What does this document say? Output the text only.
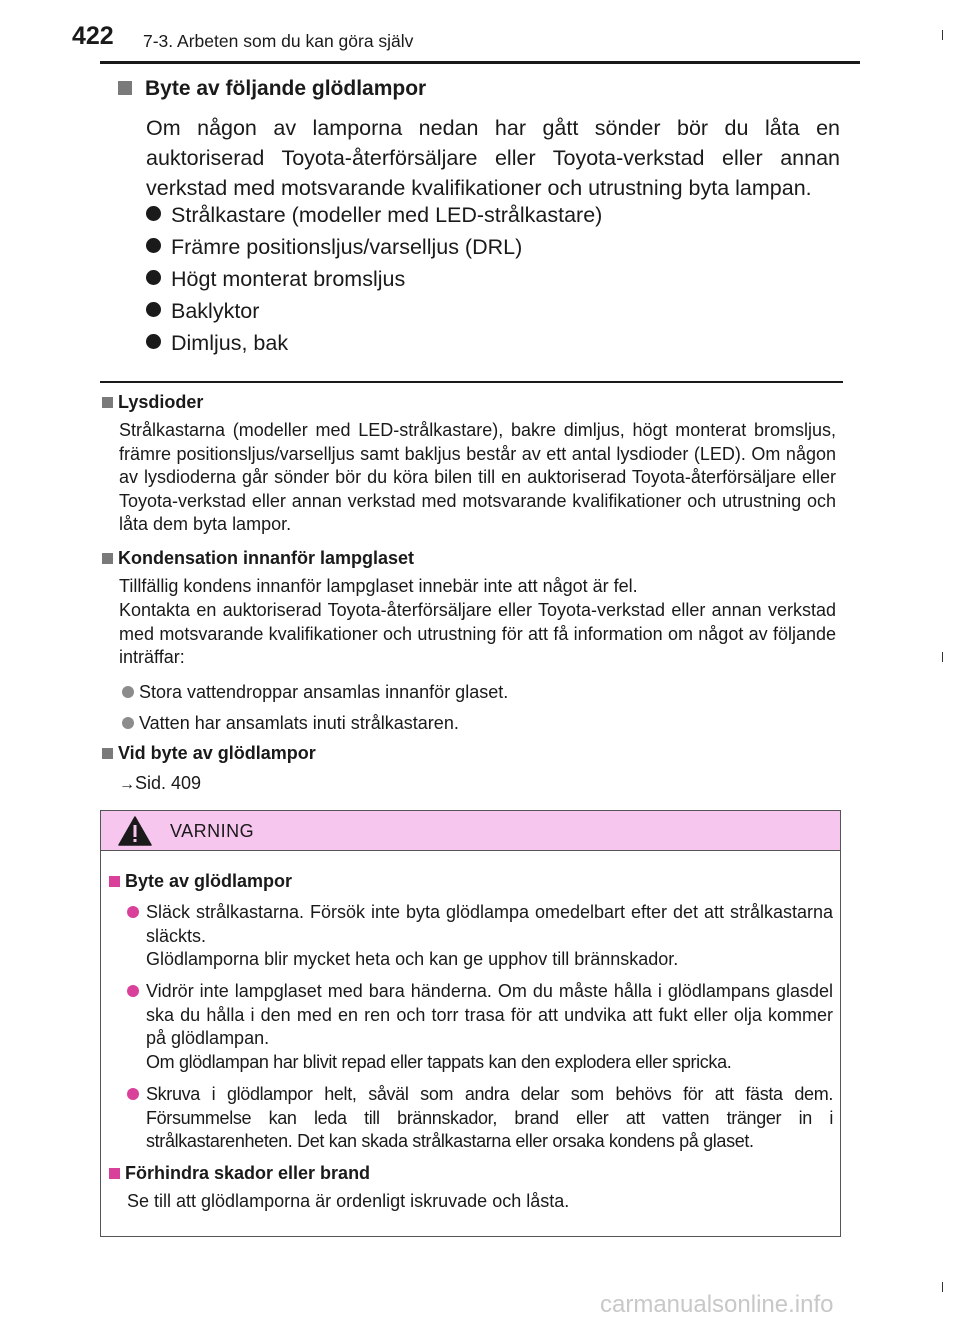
422 7-3. Arbeten som du kan göra själv
Byte av följande glödlampor
Om någon av lamporna nedan har gått sönder bör du låta en auktoriserad Toyota-återförsäljare eller Toyota-verkstad eller annan verkstad med motsvarande kvalifikationer och utrustning byta lampan.
Strålkastare (modeller med LED-strålkastare)
Främre positionsljus/varselljus (DRL)
Högt monterat bromsljus
Baklyktor
Dimljus, bak
Lysdioder
Strålkastarna (modeller med LED-strålkastare), bakre dimljus, högt monterat bromsljus, främre positionsljus/varselljus samt bakljus består av ett antal lysdioder (LED). Om någon av lysdioderna går sönder bör du köra bilen till en auktoriserad Toyota-återförsäljare eller Toyota-verkstad eller annan verkstad med motsvarande kvalifikationer och utrustning och låta dem byta lampor.
Kondensation innanför lampglaset
Tillfällig kondens innanför lampglaset innebär inte att något är fel.
Kontakta en auktoriserad Toyota-återförsäljare eller Toyota-verkstad eller annan verkstad med motsvarande kvalifikationer och utrustning för att få information om något av följande inträffar:
Stora vattendroppar ansamlas innanför glaset.
Vatten har ansamlats inuti strålkastaren.
Vid byte av glödlampor
→Sid. 409
VARNING
Byte av glödlampor
Släck strålkastarna. Försök inte byta glödlampa omedelbart efter det att strålkastarna släckts.
Glödlamporna blir mycket heta och kan ge upphov till brännskador.
Vidrör inte lampglaset med bara händerna. Om du måste hålla i glödlampans glasdel ska du hålla i den med en ren och torr trasa för att undvika att fukt eller olja kommer på glödlampan.
Om glödlampan har blivit repad eller tappats kan den explodera eller spricka.
Skruva i glödlampor helt, såväl som andra delar som behövs för att fästa dem. Försummelse kan leda till brännskador, brand eller att vatten tränger in i strålkastarenheten. Det kan skada strålkastarna eller orsaka kondens på glaset.
Förhindra skador eller brand
Se till att glödlamporna är ordenligt iskruvade och låsta.
carmanualsonline.info
